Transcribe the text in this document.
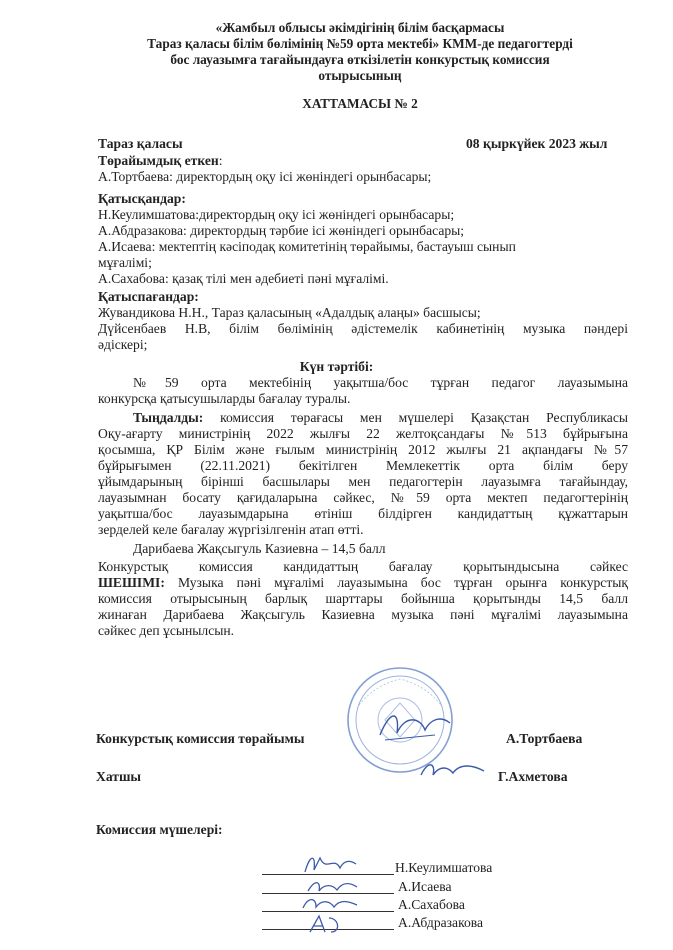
«Жамбыл облысы әкімдігінің білім басқармасы
Тараз қаласы білім бөлімінің №59 орта мектебі» КММ-де педагогтерді
бос лауазымға тағайындауға өткізілетін конкурстық комиссия
отырысының
ХАТТАМАСЫ № 2
Тараз қаласы	08 қыркүйек 2023 жыл
Төрайымдық еткен:
А.Тортбаева: директордың оқу ісі жөніндегі орынбасары;
Қатысқандар:
Н.Кеулимшатова:директордың оқу ісі жөніндегі орынбасары;
А.Абдразакова: директордың тәрбие ісі жөніндегі орынбасары;
А.Исаева: мектептің кәсіподақ комитетінің төрайымы, бастауыш сынып
мұғалімі;
А.Сахабова: қазақ тілі мен әдебиеті пәні мұғалімі.
Қатыспағандар:
Жувандикова Н.Н., Тараз қаласының «Адалдық алаңы» басшысы;
Дүйсенбаев Н.В, білім бөлімінің әдістемелік кабинетінің музыка пәндері
әдіскері;
Күн тәртібі:
№59 орта мектебінің уақытша/бос тұрған педагог лауазымына
конкурсқа қатысушыларды бағалау туралы.
Тыңдалды: комиссия төрағасы мен мүшелері Қазақстан Республикасы
Оқу-ағарту министрінің 2022 жылғы 22 желтоқсандағы №513 бұйрығына
қосымша, ҚР Білім және ғылым министрінің 2012 жылғы 21 ақпандағы №57
бұйрығымен (22.11.2021) бекітілген Мемлекеттік орта білім беру
ұйымдарының бірінші басшылары мен педагогтерін лауазымға тағайындау,
лауазымнан босату қағидаларына сәйкес, №59 орта мектеп педагогтерінің
уақытша/бос лауазымдарына өтініш білдірген кандидаттың құжаттарын
зерделей келе бағалау жүргізілгенін атап өтті.
Дарибаева Жақсыгуль Казиевна – 14,5 балл
Конкурстық комиссия кандидаттың бағалау қорытындысына сәйкес
ШЕШІМІ: Музыка пәні мұғалімі лауазымына бос тұрған орынға конкурстық
комиссия отырысының барлық шарттары бойынша қорытынды 14,5 балл
жинаған Дарибаева Жақсыгуль Казиевна музыка пәні мұғалімі лауазымына
сәйкес деп ұсынылсын.
Конкурстық комиссия төрайымы	А.Тортбаева
Хатшы	Г.Ахметова
Комиссия мүшелері:
Н.Кеулимшатова
А.Исаева
А.Сахабова
А.Абдразакова
